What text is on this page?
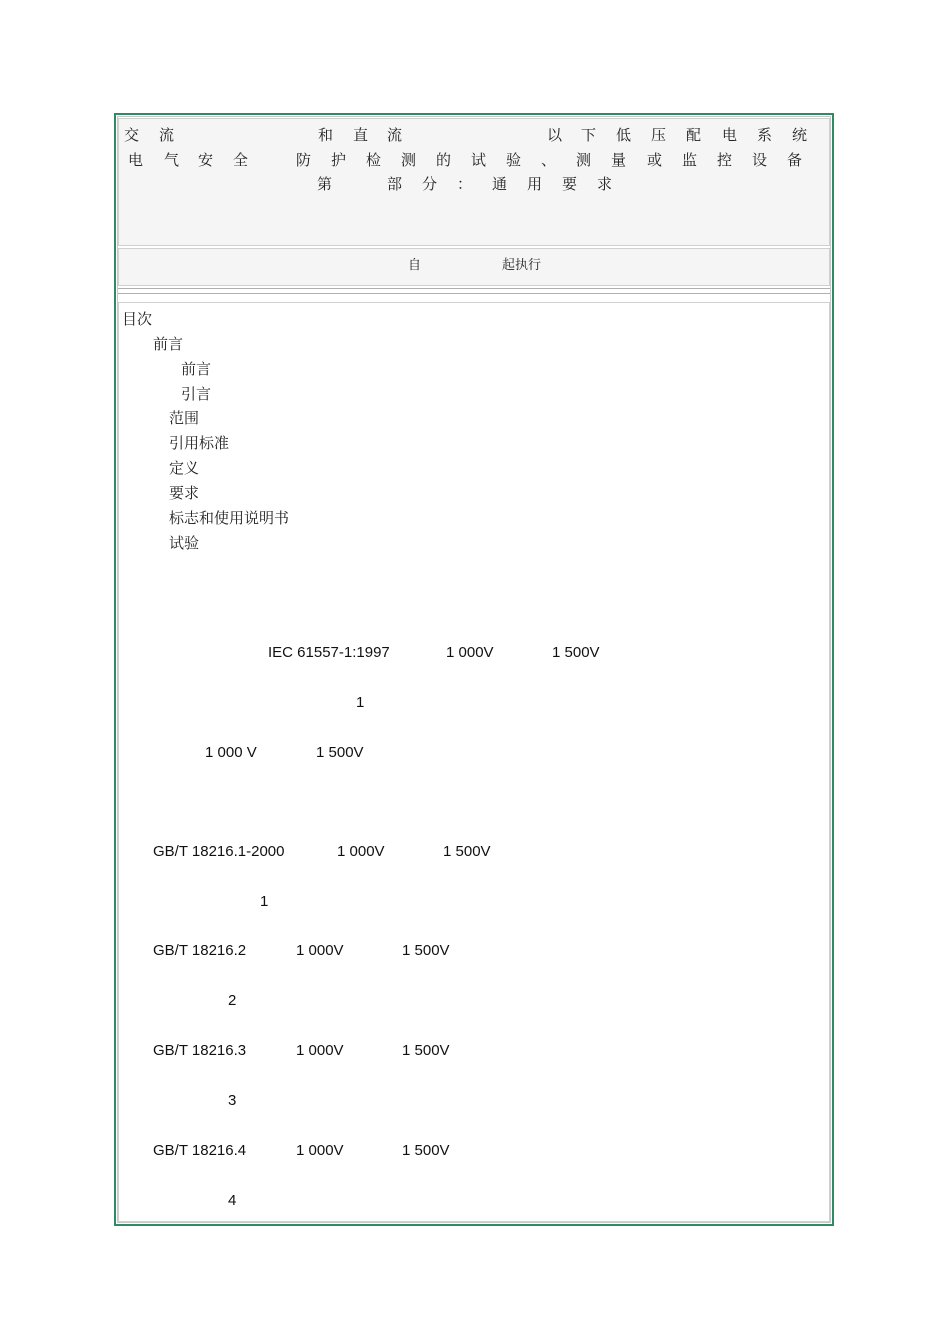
交 流	和 直 流	以 下 低 压 配 电 系 统
电 气 安 全	防 护 检 测 的 试 验 、 测 量 或 监 控 设 备
第	部 分 ： 通 用 要 求
自	起执行
目次
前言
前言
引言
范围
引用标准
定义
要求
标志和使用说明书
试验
IEC 61557-1:1997	1 000V	1 500V
1
1 000 V	1 500V
GB/T 18216.1-2000	1 000V	1 500V
1
GB/T 18216.2	1 000V	1 500V
2
GB/T 18216.3	1 000V	1 500V
3
GB/T 18216.4	1 000V	1 500V
4
